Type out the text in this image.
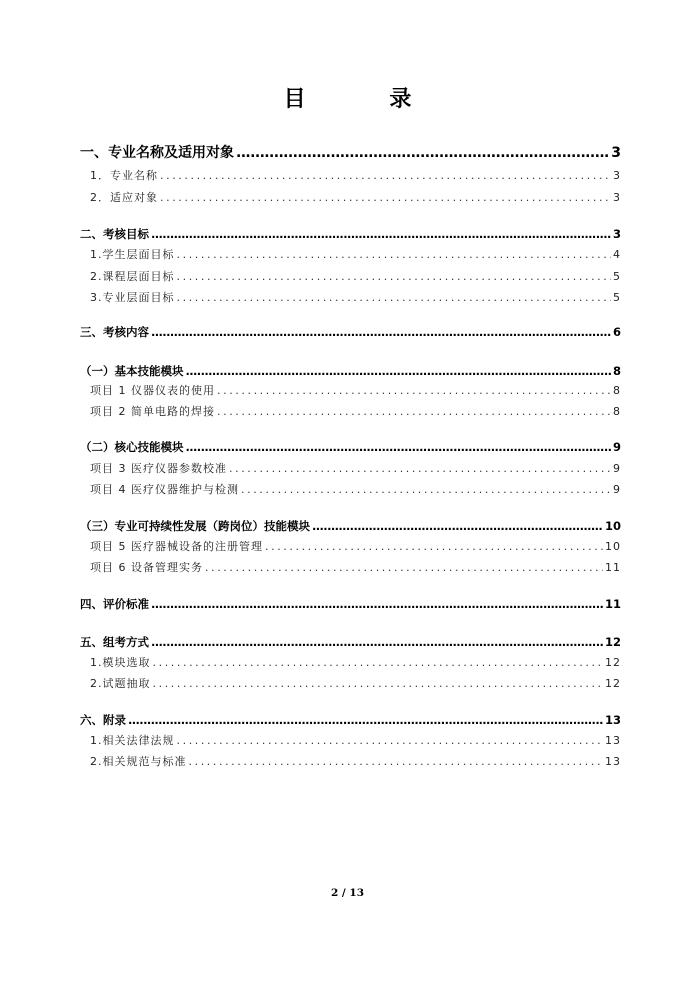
目 录
一、专业名称及适用对象 .....	3
1．专业名称 .....	3
2．适应对象 .....	3
二、考核目标 .....	3
1.学生层面目标 .....	4
2.课程层面目标 .....	5
3.专业层面目标 .....	5
三、考核内容 .....	6
（一）基本技能模块 .....	8
项目 1 仪器仪表的使用 .....	8
项目 2 简单电路的焊接 .....	8
（二）核心技能模块 .....	9
项目 3 医疗仪器参数校准 .....	9
项目 4 医疗仪器维护与检测 .....	9
（三）专业可持续性发展（跨岗位）技能模块 .....	10
项目 5 医疗器械设备的注册管理 .....	10
项目 6 设备管理实务 .....	11
四、评价标准 .....	11
五、组考方式 .....	12
1.模块选取 .....	12
2.试题抽取 .....	12
六、附录 .....	13
1.相关法律法规 .....	13
2.相关规范与标准 .....	13
2 / 13
